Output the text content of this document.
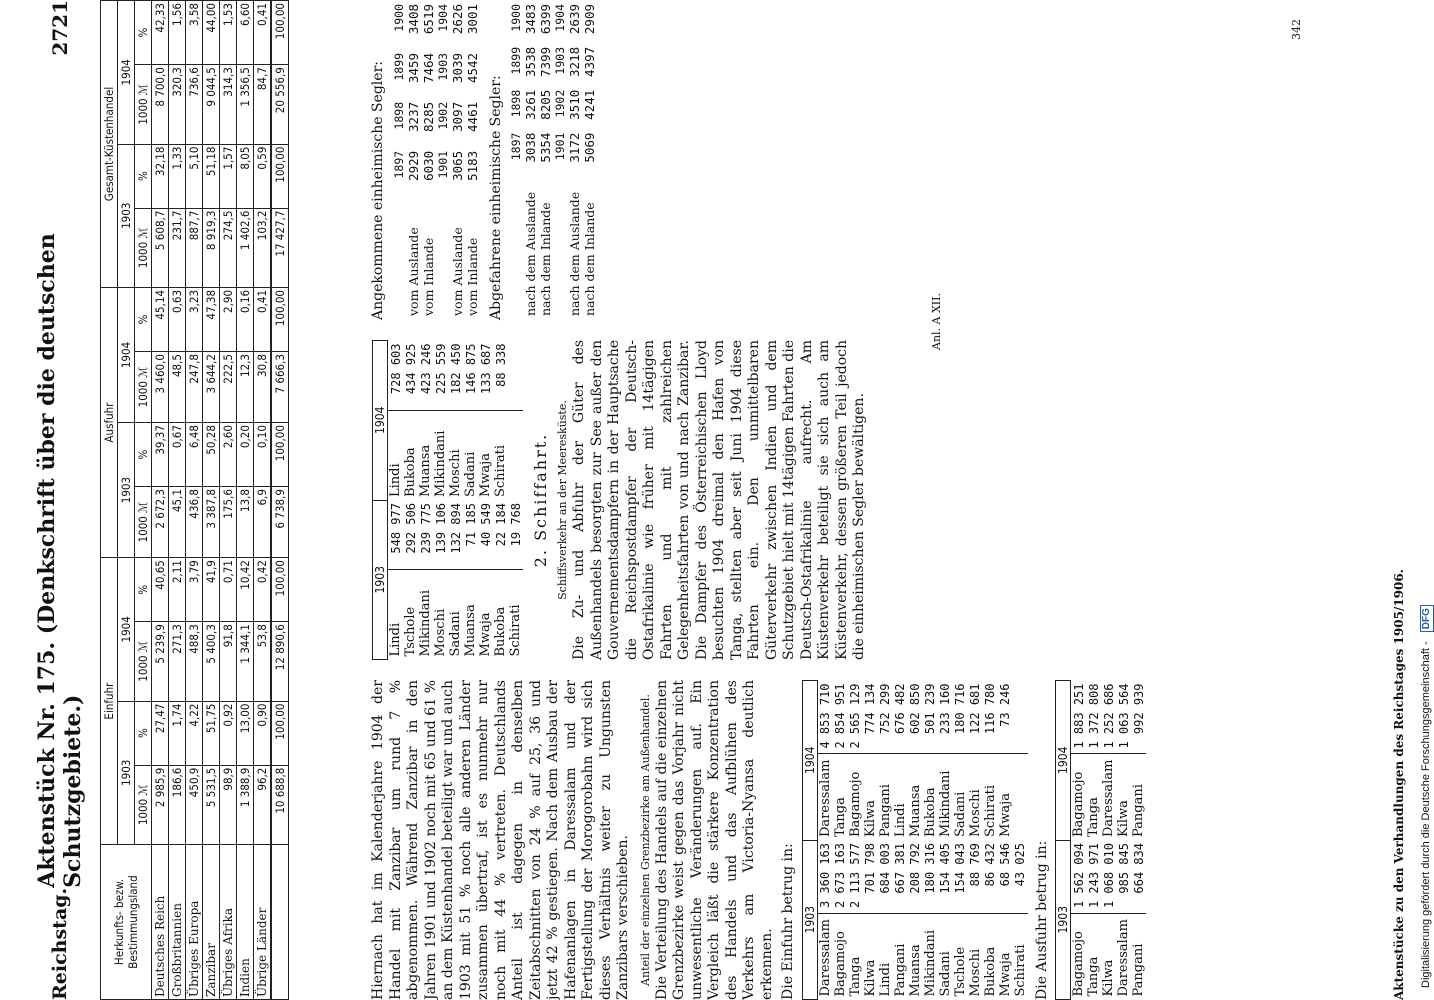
Reichstag.
Aktenstück Nr. 175. (Denkschrift über die deutschen Schutzgebiete.)
2721
Herkunfts- bezw. Bestimmungsland	Einfuhr				Ausfuhr				Gesamt-Küstenhandel			
	1903		1904		1903		1904		1903		1904	
	1000 ℳ	%	1000 ℳ	%	1000 ℳ	%	1000 ℳ	%	1000 ℳ	%	1000 ℳ	%
Deutsches Reich	2 985,9	27,47	5 239,9	40,65	2 672,3	39,37	3 460,0	45,14	5 608,7	32,18	8 700,0	42,33
Großbritannien	186,6	1,74	271,3	2,11	45,1	0,67	48,5	0,63	231,7	1,33	320,3	1,56
Übriges Europa	450,9	4,22	488,3	3,79	436,8	6,48	247,8	3,23	887,7	5,10	736,6	3,58
Zanzibar	5 531,5	51,75	5 400,3	41,9	3 387,8	50,28	3 644,2	47,38	8 919,3	51,18	9 044,5	44,00
Übriges Afrika	98,9	0,92	91,8	0,71	175,6	2,60	222,5	2,90	274,5	1,57	314,3	1,53
Indien	1 388,9	13,00	1 344,1	10,42	13,8	0,20	12,3	0,16	1 402,6	8,05	1 356,5	6,60
Übrige Länder	96,2	0,90	53,8	0,42	6,9	0,10	30,8	0,41	103,2	0,59	84,7	0,41
	10 688,8	100,00	12 890,6	100,00	6 738,9	100,00	7 666,3	100,00	17 427,7	100,00	20 556,9	100,00

Hiernach hat im Kalenderjahre 1904 der Handel mit Zanzibar um rund 7 % abgenommen. Während Zanzibar in den Jahren 1901 und 1902 noch mit 65 und 61 % an dem Küstenhandel beteiligt war und auch 1903 mit 51 % noch alle anderen Länder zusammen übertraf, ist es nunmehr nur noch mit 44 % vertreten. Deutschlands Anteil ist dagegen in denselben Zeitabschnitten von 24 % auf 25, 36 und jetzt 42 % gestiegen. Nach dem Ausbau der Hafenanlagen in Daressalam und der Fertigstellung der Morogorobahn wird sich dieses Verhältnis weiter zu Ungunsten Zanzibars verschieben. Anteil der einzelnen Grenzbezirke am Außenhandel. Die Verteilung des Handels auf die einzelnen Grenzbezirke weist gegen das Vorjahr nicht unwesentliche Veränderungen auf. Ein Vergleich läßt die stärkere Konzentration des Handels und das Aufblühen des Verkehrs am Victoria-Nyansa deutlich erkennen. Die Einfuhr betrug in: 1903		1904	
Daressalam	3 360 163	Daressalam	4 853 710
Bagamojo	2 673 163	Tanga	2 854 951
Tanga	2 113 577	Bagamojo	2 565 129
Kilwa	701 798	Kilwa	774 134
Lindi	684 003	Pangani	752 299
Pangani	667 381	Lindi	676 482
Muansa	208 792	Muansa	602 850
Mikindani	180 316	Bukoba	501 239
Sadani	154 405	Mikindani	233 160
Tschole	154 043	Sadani	180 716
Moschi	88 769	Moschi	122 681
Bukoba	86 432	Schirati	116 780
Mwaja	68 546	Mwaja	73 246
Schirati	43 025		Die Ausfuhr betrug in: 1903		1904	
Bagamojo	1 562 094	Bagamojo	1 883 251
Tanga	1 243 971	Tanga	1 372 808
Kilwa	1 068 010	Daressalam	1 252 686
Daressalam	985 845	Kilwa	1 063 564
Pangani	664 834	Pangani	992 939
1903		1904	
Lindi	548 977	Lindi	728 603
Tschole	292 506	Bukoba	434 925
Mikindani	239 775	Muansa	423 246
Moschi	139 106	Mikindani	225 559
Sadani	132 894	Moschi	182 450
Muansa	71 185	Sadani	146 875
Mwaja	40 549	Mwaja	133 687
Bukoba	22 184	Schirati	88 338
Schirati	19 768		2. Schiffahrt. Schiffsverkehr an der Meeresküste. Die Zu- und Abfuhr der Güter des Außenhandels besorgten zur See außer den Gouvernementsdampfern in der Hauptsache die Reichspostdampfer der Deutsch-Ostafrikalinie wie früher mit 14tägigen Fahrten und mit zahlreichen Gelegenheitsfahrten von und nach Zanzibar. Die Dampfer des Österreichischen Lloyd besuchten 1904 dreimal den Hafen von Tanga, stellten aber seit Juni 1904 diese Fahrten ein. Den unmittelbaren Güterverkehr zwischen Indien und dem Schutzgebiet hielt mit 14tägigen Fahrten die Deutsch-Ostafrikalinie aufrecht. Am Küstenverkehr beteiligt sie sich auch am Küstenverkehr, dessen größeren Teil jedoch die einheimischen Segler bewältigen.

Angekommene einheimische Segler:

	1897	1898	1899	1900
vom Auslande	2929	3237	3459	3408
vom Inlande	6030	8285	7464	6519
	1901	1902	1903	1904
vom Auslande	3065	3097	3039	2626
vom Inlande	5183	4461	4542	3001

Abgefahrene einheimische Segler:

	1897	1898	1899	1900
nach dem Auslande	3038	3261	3538	3483
nach dem Inlande	5354	8205	7399	6399
	1901	1902	1903	1904
nach dem Auslande	3172	3510	3218	2639
nach dem Inlande	5069	4241	4397	2909
Anl. A XII.
342
Aktenstücke zu den Verhandlungen des Reichstages 1905/1906. Digitalisierung gefördert durch die Deutsche Forschungsgemeinschaft - DFG
